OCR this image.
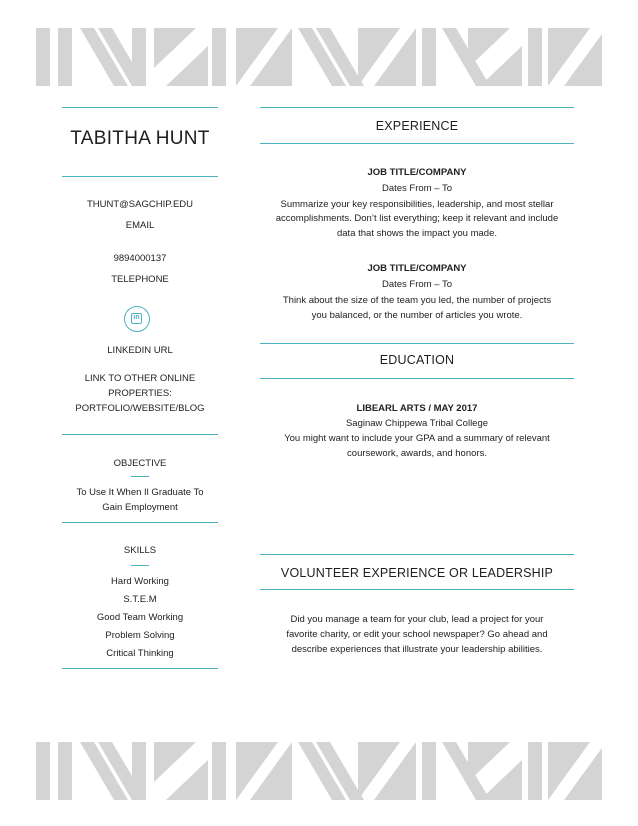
TABITHA HUNT
THUNT@SAGCHIP.EDU
EMAIL
9894000137
TELEPHONE
in
LINKEDIN URL
LINK TO OTHER ONLINE
PROPERTIES:
PORTFOLIO/WEBSITE/BLOG
OBJECTIVE
To Use It When Il Graduate To
Gain Employment
SKILLS
Hard Working
S.T.E.M
Good Team Working
Problem Solving
Critical Thinking
EXPERIENCE
JOB TITLE/COMPANY
Dates From – To
Summarize your key responsibilities, leadership, and most stellar
accomplishments. Don’t list everything; keep it relevant and include
data that shows the impact you made.
JOB TITLE/COMPANY
Dates From – To
Think about the size of the team you led, the number of projects
you balanced, or the number of articles you wrote.
EDUCATION
LIBEARL ARTS / MAY 2017
Saginaw Chippewa Tribal College
You might want to include your GPA and a summary of relevant
coursework, awards, and honors.
VOLUNTEER EXPERIENCE OR LEADERSHIP
Did you manage a team for your club, lead a project for your
favorite charity, or edit your school newspaper? Go ahead and
describe experiences that illustrate your leadership abilities.
